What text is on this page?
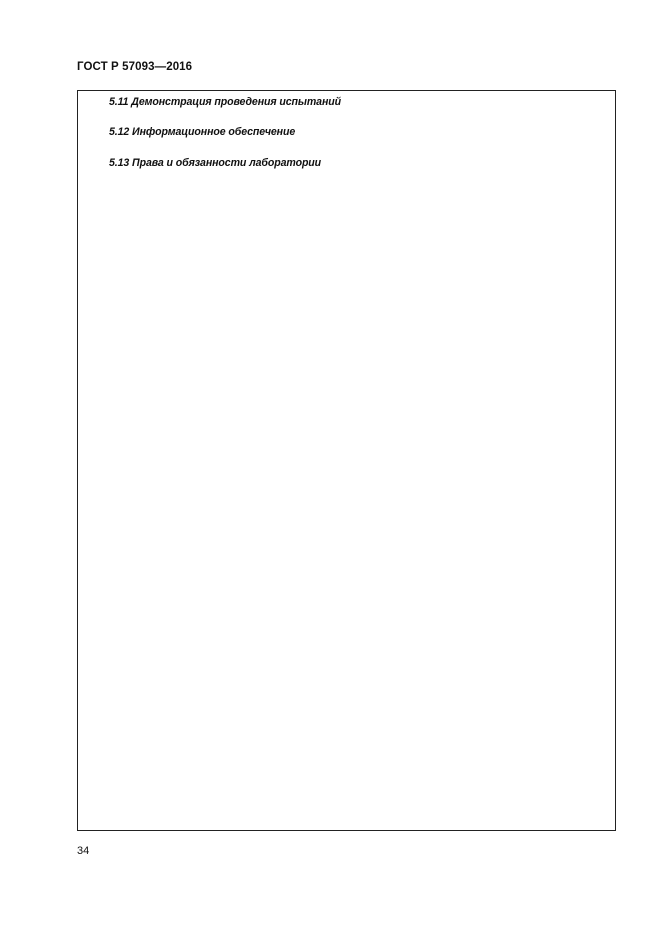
ГОСТ Р 57093—2016

5.11 Демонстрация проведения испытаний

5.12 Информационное обеспечение

5.13 Права и обязанности лаборатории

34
